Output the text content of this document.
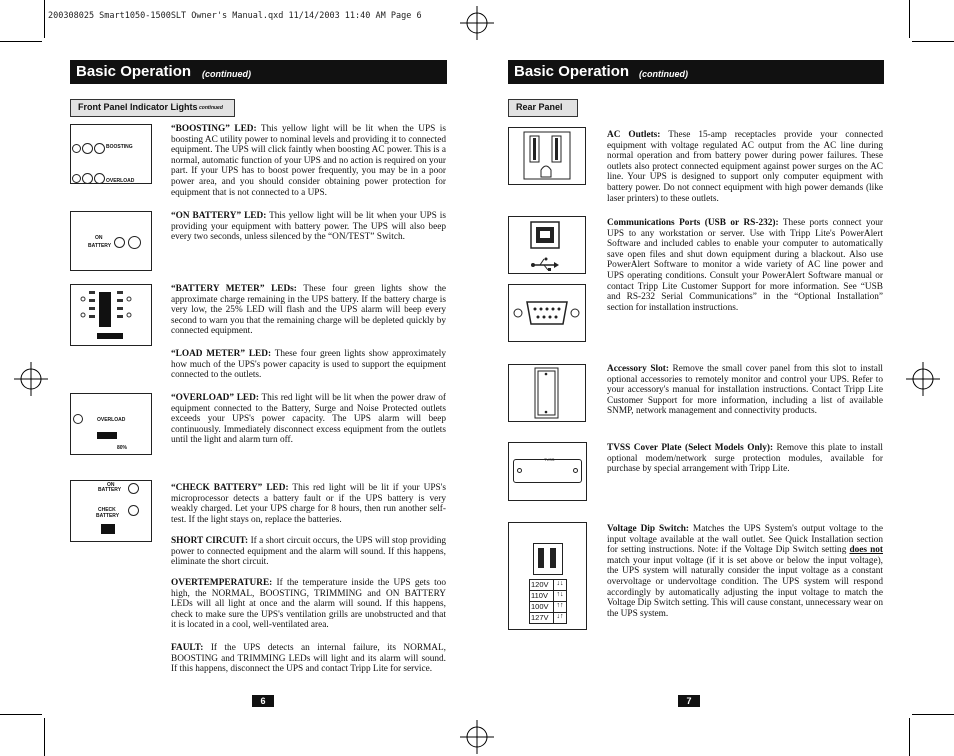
200308025 Smart1050-1500SLT Owner's Manual.qxd 11/14/2003 11:40 AM Page 6
Basic Operation (continued)
Front Panel Indicator Lights continued
BOOSTING
OVERLOAD
ON
BATTERY
OVERLOAD
80%
ON
BATTERY
CHECK
BATTERY
“BOOSTING” LED: This yellow light will be lit when the UPS is boosting AC utility power to nominal levels and providing it to connected equipment. The UPS will click faintly when boosting AC power. This is a normal, automatic function of your UPS and no action is required on your part. If your UPS has to boost power frequently, you may be in a poor power area, and you should consider obtaining power protection for equipment that is not connected to a UPS.
“ON BATTERY” LED: This yellow light will be lit when your UPS is providing your equipment with battery power. The UPS will also beep every two seconds, unless silenced by the “ON/TEST” Switch.
“BATTERY METER” LEDs: These four green lights show the approximate charge remaining in the UPS battery. If the battery charge is very low, the 25% LED will flash and the UPS alarm will beep every second to warn you that the remaining charge will be depleted quickly by connected equipment.
“LOAD METER” LED: These four green lights show approximately how much of the UPS's power capacity is used to support the equipment connected to the outlets.
“OVERLOAD” LED: This red light will be lit when the power draw of equipment connected to the Battery, Surge and Noise Protected outlets exceeds your UPS's power capacity. The UPS alarm will beep continuously. Immediately disconnect excess equipment from the outlets until the light and alarm turn off.
“CHECK BATTERY” LED: This red light will be lit if your UPS's microprocessor detects a battery fault or if the UPS battery is very weakly charged. Let your UPS charge for 8 hours, then run another self-test. If the light stays on, replace the batteries.
SHORT CIRCUIT: If a short circuit occurs, the UPS will stop providing power to connected equipment and the alarm will sound. If this happens, eliminate the short circuit.
OVERTEMPERATURE: If the temperature inside the UPS gets too high, the NORMAL, BOOSTING, TRIMMING and ON BATTERY LEDs will all light at once and the alarm will sound. If this happens, check to make sure the UPS's ventilation grills are unobstructed and that it is located in a cool, well-ventilated area.
FAULT: If the UPS detects an internal failure, its NORMAL, BOOSTING and TRIMMING LEDs will light and its alarm will sound. If this happens, disconnect the UPS and contact Tripp Lite for service.
6
Basic Operation (continued)
Rear Panel
TVSS
120V	↓↓
110V	↑↓
100V	↑↑
127V	↓↑
AC Outlets: These 15-amp receptacles provide your connected equipment with voltage regulated AC output from the AC line during normal operation and from battery power during power failures. These outlets also protect connected equipment against power surges on the AC line. Your UPS is designed to support only computer equipment with battery power. Do not connect equipment with high power demands (like laser printers) to these outlets.
Communications Ports (USB or RS-232): These ports connect your UPS to any workstation or server. Use with Tripp Lite's PowerAlert Software and included cables to enable your computer to automatically save open files and shut down equipment during a blackout. Also use PowerAlert Software to monitor a wide variety of AC line power and UPS operating conditions. Consult your PowerAlert Software manual or contact Tripp Lite Customer Support for more information. See “USB and RS-232 Serial Communications” in the “Optional Installation” section for installation instructions.
Accessory Slot: Remove the small cover panel from this slot to install optional accessories to remotely monitor and control your UPS. Refer to your accessory's manual for installation instructions. Contact Tripp Lite Customer Support for more information, including a list of available SNMP, network management and connectivity products.
TVSS Cover Plate (Select Models Only): Remove this plate to install optional modem/network surge protection modules, available for purchase by special arrangement with Tripp Lite.
Voltage Dip Switch: Matches the UPS System's output voltage to the input voltage available at the wall outlet. See Quick Installation section for setting instructions. Note: if the Voltage Dip Switch setting does not match your input voltage (if it is set above or below the input voltage), the UPS system will naturally consider the input voltage as a constant overvoltage or undervoltage condition. The UPS system will respond accordingly by automatically adjusting the input voltage to match the Voltage Dip Switch setting. This will cause constant, unnecessary wear on the UPS system.
7
